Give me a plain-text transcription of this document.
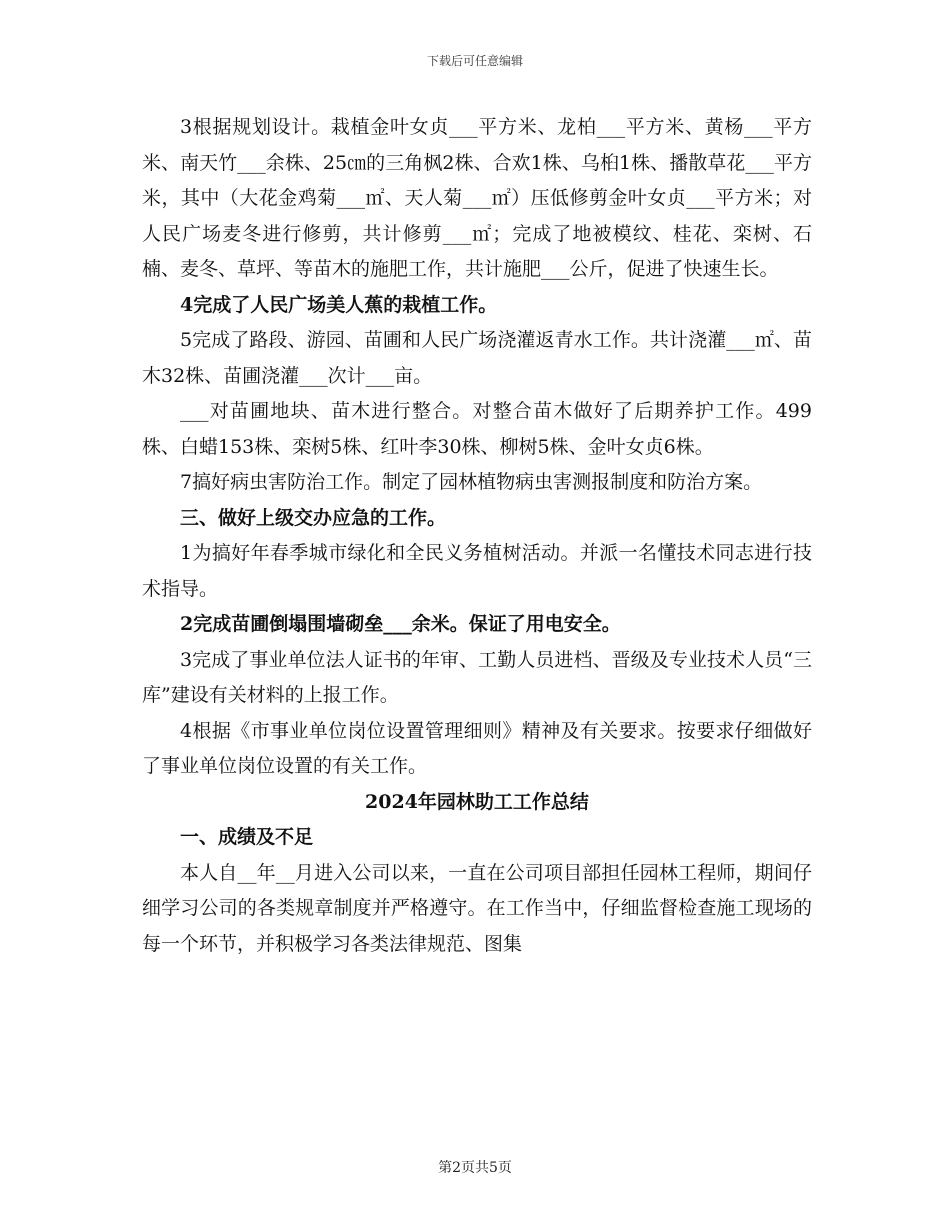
下载后可任意编辑

3根据规划设计。栽植金叶女贞___平方米、龙柏___平方米、黄杨___平方米、南天竹___余株、25㎝的三角枫2株、合欢1株、乌桕1株、播散草花___平方米，其中（大花金鸡菊___㎡、天人菊___㎡）压低修剪金叶女贞___平方米；对人民广场麦冬进行修剪，共计修剪___㎡；完成了地被模纹、桂花、栾树、石楠、麦冬、草坪、等苗木的施肥工作，共计施肥___公斤，促进了快速生长。

4完成了人民广场美人蕉的栽植工作。

5完成了路段、游园、苗圃和人民广场浇灌返青水工作。共计浇灌___㎡、苗木32株、苗圃浇灌___次计___亩。

___对苗圃地块、苗木进行整合。对整合苗木做好了后期养护工作。499株、白蜡153株、栾树5株、红叶李30株、柳树5株、金叶女贞6株。

7搞好病虫害防治工作。制定了园林植物病虫害测报制度和防治方案。

三、做好上级交办应急的工作。

1为搞好年春季城市绿化和全民义务植树活动。并派一名懂技术同志进行技术指导。

2完成苗圃倒塌围墙砌垒___余米。保证了用电安全。

3完成了事业单位法人证书的年审、工勤人员进档、晋级及专业技术人员“三库”建设有关材料的上报工作。

4根据《市事业单位岗位设置管理细则》精神及有关要求。按要求仔细做好了事业单位岗位设置的有关工作。

2024年园林助工工作总结

一、成绩及不足

本人自__年__月进入公司以来，一直在公司项目部担任园林工程师，期间仔细学习公司的各类规章制度并严格遵守。在工作当中，仔细监督检查施工现场的每一个环节，并积极学习各类法律规范、图集

第2页共5页
